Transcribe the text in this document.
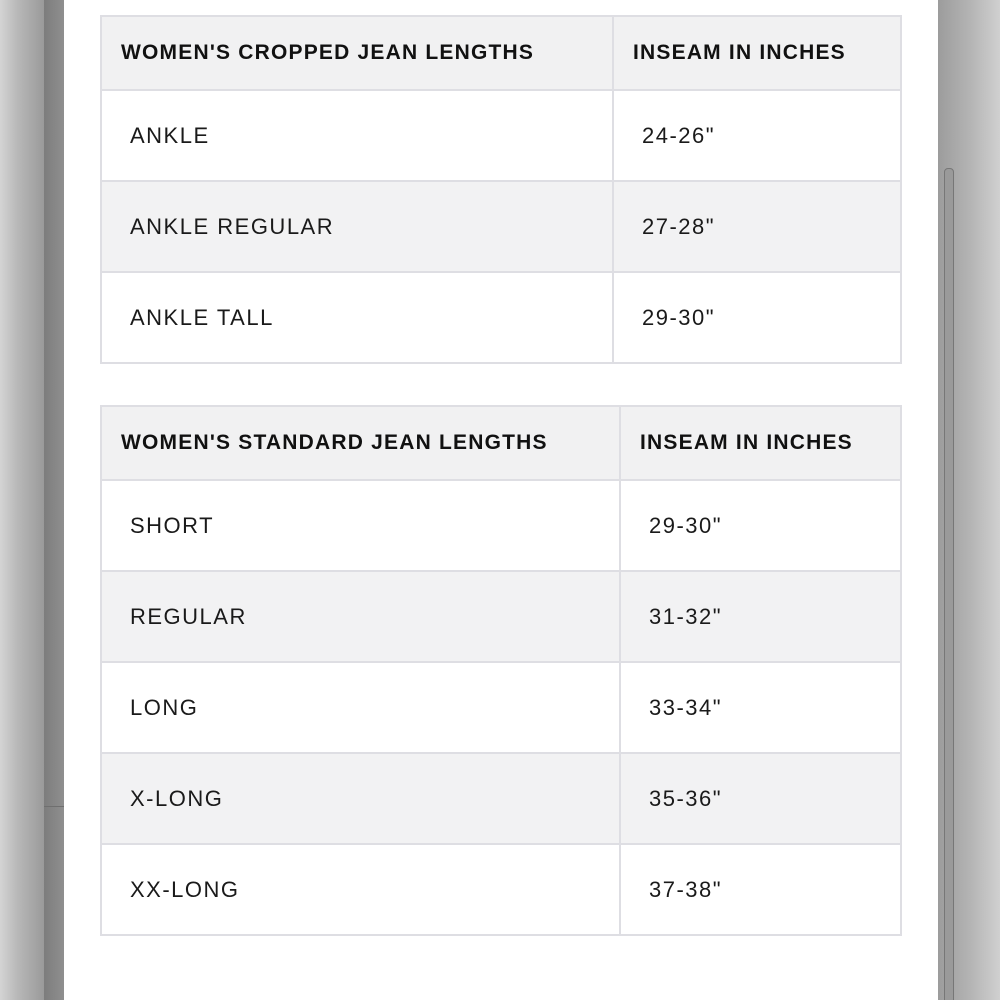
WOMEN'S CROPPED JEAN LENGTHS	INSEAM IN INCHES
ANKLE	24-26"
ANKLE REGULAR	27-28"
ANKLE TALL	29-30"
WOMEN'S STANDARD JEAN LENGTHS	INSEAM IN INCHES
SHORT	29-30"
REGULAR	31-32"
LONG	33-34"
X-LONG	35-36"
XX-LONG	37-38"
